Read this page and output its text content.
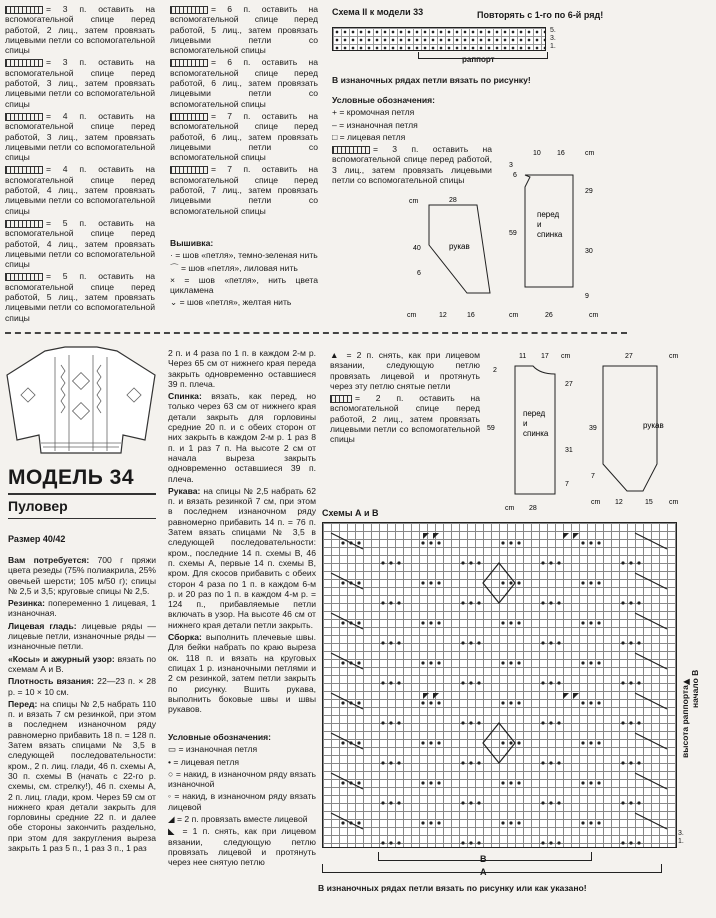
= 3 п. оставить на вспомогательной спице перед работой, 2 лиц., затем провязать лицевыми петли со вспомогательной спицы

= 3 п. оставить на вспомогательной спице перед работой, 3 лиц., затем провязать лицевыми петли со вспомогательной спицы

= 4 п. оставить на вспомогательной спице перед работой, 3 лиц., затем провязать лицевыми петли со вспомогательной спицы

= 4 п. оставить на вспомогательной спице перед работой, 4 лиц., затем провязать лицевыми петли со вспомогательной спицы

= 5 п. оставить на вспомогательной спице перед работой, 4 лиц., затем провязать лицевыми петли со вспомогательной спицы

= 5 п. оставить на вспомогательной спице перед работой, 5 лиц., затем провязать лицевыми петли со вспомогательной спицы

= 6 п. оставить на вспомогательной спице перед работой, 5 лиц., затем провязать лицевыми петли со вспомогательной спицы

= 6 п. оставить на вспомогательной спице перед работой, 6 лиц., затем провязать лицевыми петли со вспомогательной спицы

= 7 п. оставить на вспомогательной спице перед работой, 6 лиц., затем провязать лицевыми петли со вспомогательной спицы

= 7 п. оставить на вспомогательной спице перед работой, 7 лиц., затем провязать лицевыми петли со вспомогательной спицы

Вышивка:

· = шов «петля», темно-зеленая нить

⌒ = шов «петля», лиловая нить

× = шов «петля», нить цвета цикламена

⌄ = шов «петля», желтая нить

Схема II к модели 33	Повторять с 1-го по 6-й ряд!
5.
3.
1.
раппорт
В изнаночных рядах петли вязать по рисунку!

Условные обозначения:

+ = кромочная петля

– = изнаночная петля

□ = лицевая петля

= 3 п. оставить на вспомогательной спице перед работой, 3 лиц., затем провязать лицевыми петли со вспомогательной спицы

рукав
перед
и
спинка
cm	28
40
6
12	16
10 16
3
6
29
59
30
9
26
cm	cm
cm
cm
МОДЕЛЬ 34
Пуловер
Размер 40/42

Вам потребуется: 700 г пряжи цвета резеды (75% полиакрила, 25% овечьей шерсти; 105 м/50 г); спицы № 2,5 и 3,5; круговые спицы № 2,5.

Резинка: попеременно 1 лицевая, 1 изнаночная.

Лицевая гладь: лицевые ряды — лицевые петли, изнаночные ряды — изнаночные петли.

«Косы» и ажурный узор: вязать по схемам А и В.

Плотность вязания: 22—23 п. × 28 р. = 10 × 10 см.

Перед: на спицы № 2,5 набрать 110 п. и вязать 7 см резинкой, при этом в последнем изнаночном ряду равномерно прибавить 18 п. = 128 п. Затем вязать спицами № 3,5 в следующей последовательности: кром., 2 п. лиц. глади, 46 п. схемы А, 30 п. схемы В (начать с 22-го р. схемы, см. стрелку!), 46 п. схемы А, 2 п. лиц. глади, кром. Через 59 см от нижнего края детали закрыть для горловины средние 22 п. и далее обе стороны закончить раздельно, при этом для закругления выреза закрыть 1 раз 5 п., 1 раз 3 п., 1 раз

2 п. и 4 раза по 1 п. в каждом 2-м р. Через 65 см от нижнего края переда закрыть одновременно оставшиеся 39 п. плеча.

Спинка: вязать, как перед, но только через 63 см от нижнего края детали закрыть для горловины средние 20 п. и с обеих сторон от них закрыть в каждом 2-м р. 1 раз 8 п. и 1 раз 7 п. На высоте 2 см от начала выреза закрыть одновременно оставшиеся 39 п. плеча.

Рукава: на спицы № 2,5 набрать 62 п. и вязать резинкой 7 см, при этом в последнем изнаночном ряду равномерно прибавить 14 п. = 76 п. Затем вязать спицами № 3,5 в следующей последовательности: кром., последние 14 п. схемы В, 46 п. схемы А, первые 14 п. схемы В, кром. Для скосов прибавить с обеих сторон 4 раза по 1 п. в каждом 6-м р. и 20 раз по 1 п. в каждом 4-м р. = 124 п., прибавляемые петли включать в узор. На высоте 46 см от нижнего края детали петли закрыть.

Сборка: выполнить плечевые швы. Для бейки набрать по краю выреза ок. 118 п. и вязать на круговых спицах 1 р. изнаночными петлями и 2 см резинкой, затем петли закрыть по рисунку. Вшить рукава, выполнить боковые швы и швы рукавов.

Условные обозначения:

▭ = изнаночная петля

• = лицевая петля

○ = накид, в изнаночном ряду вязать изнаночной

◦ = накид, в изнаночном ряду вязать лицевой

◢ = 2 п. провязать вместе лицевой

◣ = 1 п. снять, как при лицевом вязании, следующую петлю провязать лицевой и протянуть через нее снятую петлю

▲ = 2 п. снять, как при лицевом вязании, следующую петлю провязать лицевой и протянуть через эту петлю снятые петли

= 2 п. оставить на вспомогательной спице перед работой, 2 лиц., затем провязать лицевыми петли со вспомогательной спицы

перед
и
спинка
рукав
cm
11 17
2
27
59
31
7
28
27
39
7
12	15
cm
cm
cm
cm
Схемы А и В
B
A
начало В
◄
высота раппорта
3.
1.
В изнаночных рядах петли вязать по рисунку или как указано!
